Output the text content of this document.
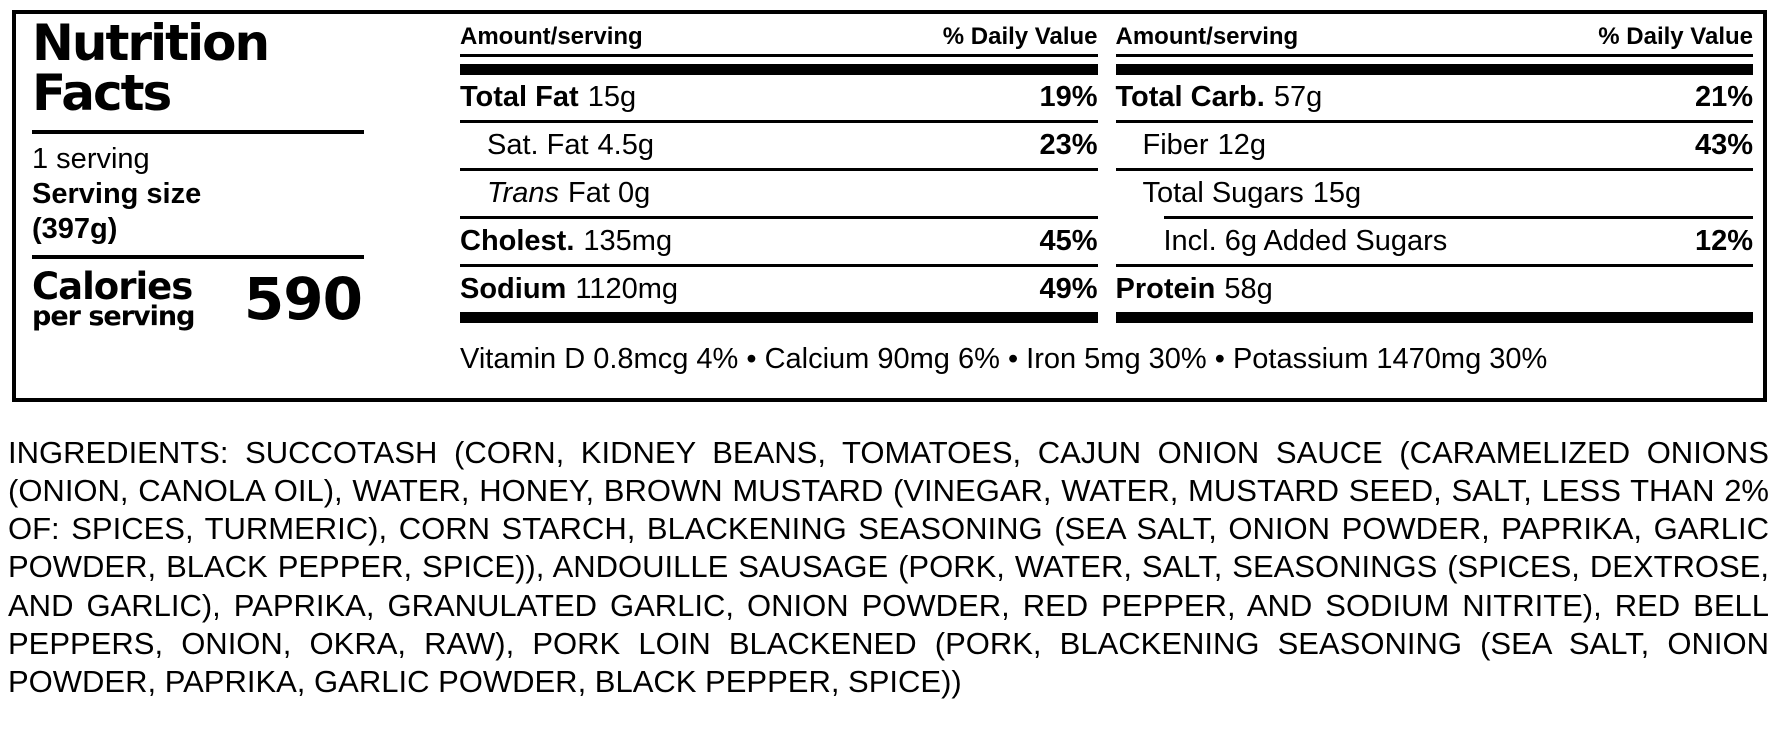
Nutrition Facts
1 serving
Serving size
(397g)
Calories
per serving 590
Amount/serving	% Daily Value
Total Fat 15g	19%
Sat. Fat 4.5g	23%
Trans Fat 0g
Cholest. 135mg	45%
Sodium 1120mg	49%
Amount/serving	% Daily Value
Total Carb. 57g	21%
Fiber 12g	43%
Total Sugars 15g
Incl. 6g Added Sugars	12%
Protein 58g
Vitamin D 0.8mcg 4% • Calcium 90mg 6% • Iron 5mg 30% • Potassium 1470mg 30%
INGREDIENTS: SUCCOTASH (CORN, KIDNEY BEANS, TOMATOES, CAJUN ONION SAUCE (CARAMELIZED ONIONS (ONION, CANOLA OIL), WATER, HONEY, BROWN MUSTARD (VINEGAR, WATER, MUSTARD SEED, SALT, LESS THAN 2% OF: SPICES, TURMERIC), CORN STARCH, BLACKENING SEASONING (SEA SALT, ONION POWDER, PAPRIKA, GARLIC POWDER, BLACK PEPPER, SPICE)), ANDOUILLE SAUSAGE (PORK, WATER, SALT, SEASONINGS (SPICES, DEXTROSE, AND GARLIC), PAPRIKA, GRANULATED GARLIC, ONION POWDER, RED PEPPER, AND SODIUM NITRITE), RED BELL PEPPERS, ONION, OKRA, RAW), PORK LOIN BLACKENED (PORK, BLACKENING SEASONING (SEA SALT, ONION POWDER, PAPRIKA, GARLIC POWDER, BLACK PEPPER, SPICE))
